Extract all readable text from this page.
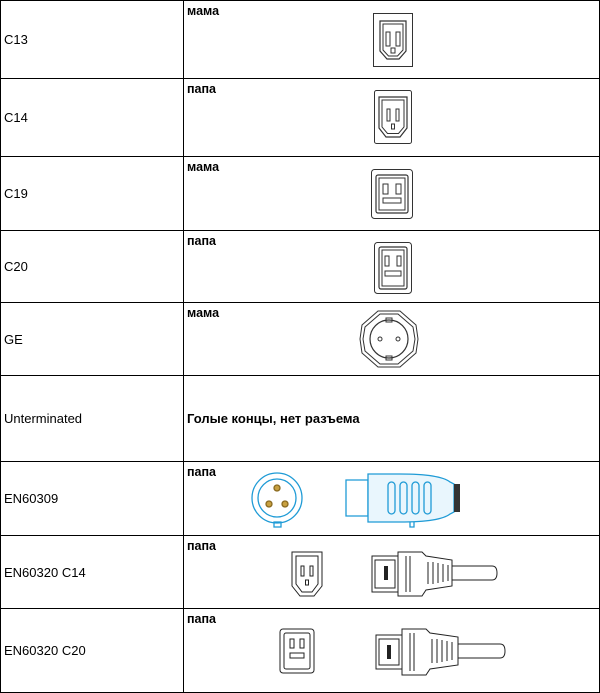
C13	мама

C14	папа

C19	мама

C20	папа

GE	мама

Unterminated	Голые концы, нет разъема

EN60309	папа

EN60320 C14	папа

EN60320 C20	папа
